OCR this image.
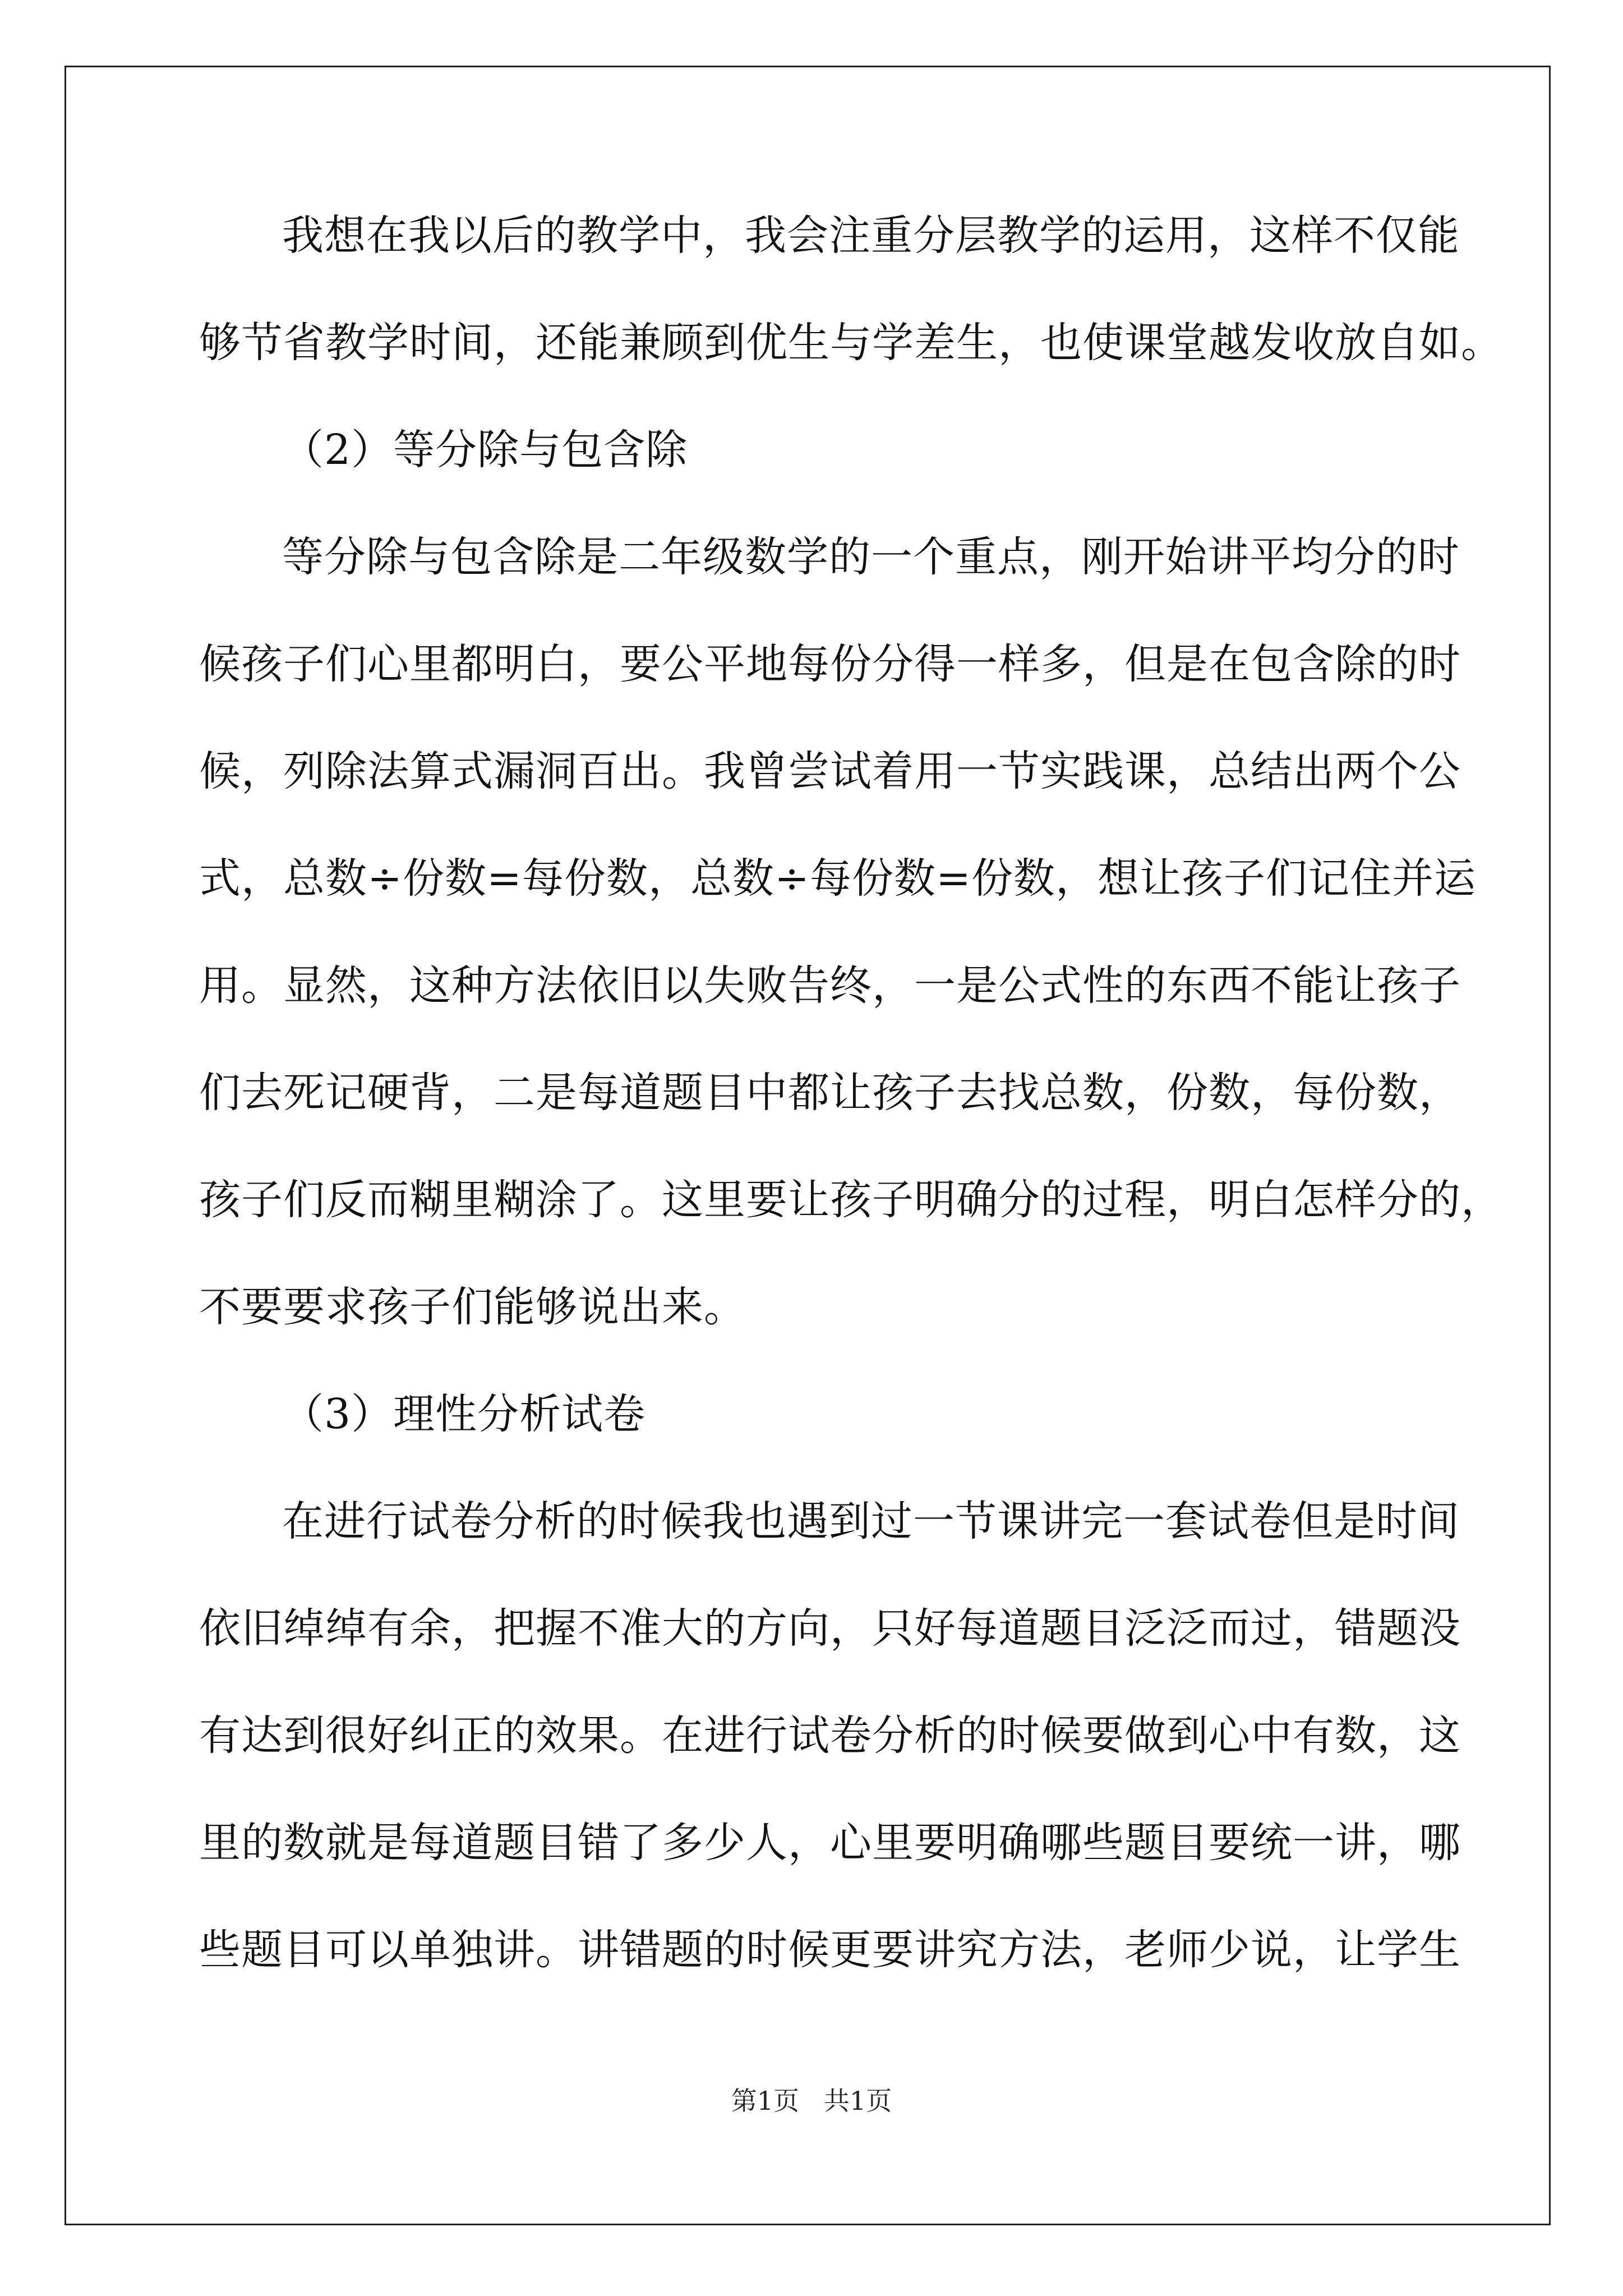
我想在我以后的教学中，我会注重分层教学的运用，这样不仅能
够节省教学时间，还能兼顾到优生与学差生，也使课堂越发收放自如。
（2）等分除与包含除
等分除与包含除是二年级数学的一个重点，刚开始讲平均分的时
候孩子们心里都明白，要公平地每份分得一样多，但是在包含除的时
候，列除法算式漏洞百出。我曾尝试着用一节实践课，总结出两个公
式，总数÷份数=每份数，总数÷每份数=份数，想让孩子们记住并运
用。显然，这种方法依旧以失败告终，一是公式性的东西不能让孩子
们去死记硬背，二是每道题目中都让孩子去找总数，份数，每份数，
孩子们反而糊里糊涂了。这里要让孩子明确分的过程，明白怎样分的，
不要要求孩子们能够说出来。
（3）理性分析试卷
在进行试卷分析的时候我也遇到过一节课讲完一套试卷但是时间
依旧绰绰有余，把握不准大的方向，只好每道题目泛泛而过，错题没
有达到很好纠正的效果。在进行试卷分析的时候要做到心中有数，这
里的数就是每道题目错了多少人，心里要明确哪些题目要统一讲，哪
些题目可以单独讲。讲错题的时候更要讲究方法，老师少说，让学生
第1页   共1页
